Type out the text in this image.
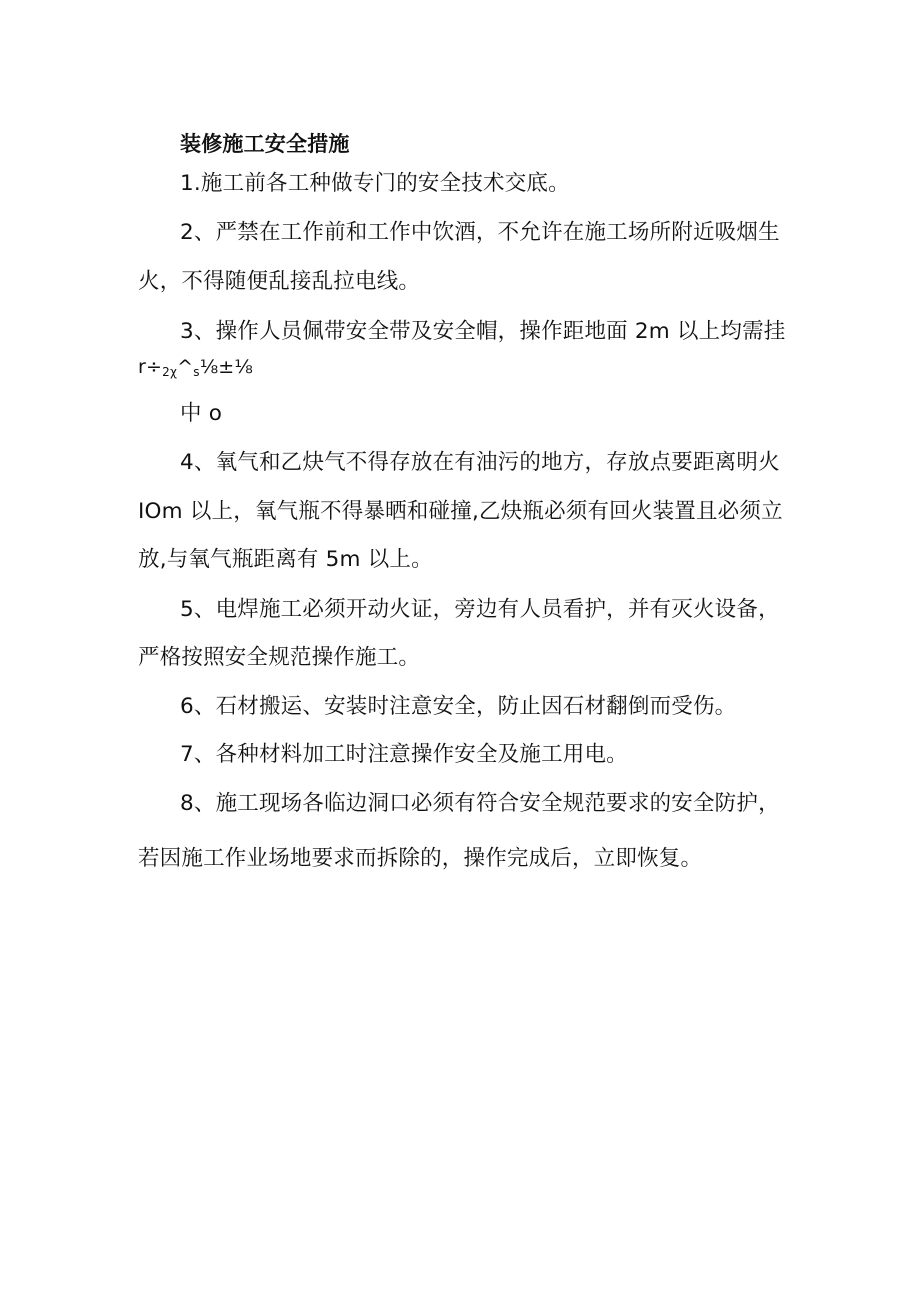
装修施工安全措施
1.施工前各工种做专门的安全技术交底。
2、严禁在工作前和工作中饮酒，不允许在施工场所附近吸烟生
火，不得随便乱接乱拉电线。
3、操作人员佩带安全带及安全帽，操作距地面 2m 以上均需挂
$r\div_{2\chi}\^{}_s\frac{1}{8}\pm\frac{1}{8}$
中 o
4、氧气和乙炔气不得存放在有油污的地方，存放点要距离明火
IOm 以上，氧气瓶不得暴晒和碰撞,乙炔瓶必须有回火装置且必须立
放,与氧气瓶距离有 5m 以上。
5、电焊施工必须开动火证，旁边有人员看护，并有灭火设备，
严格按照安全规范操作施工。
6、石材搬运、安装时注意安全，防止因石材翻倒而受伤。
7、各种材料加工时注意操作安全及施工用电。
8、施工现场各临边洞口必须有符合安全规范要求的安全防护，
若因施工作业场地要求而拆除的，操作完成后，立即恢复。
